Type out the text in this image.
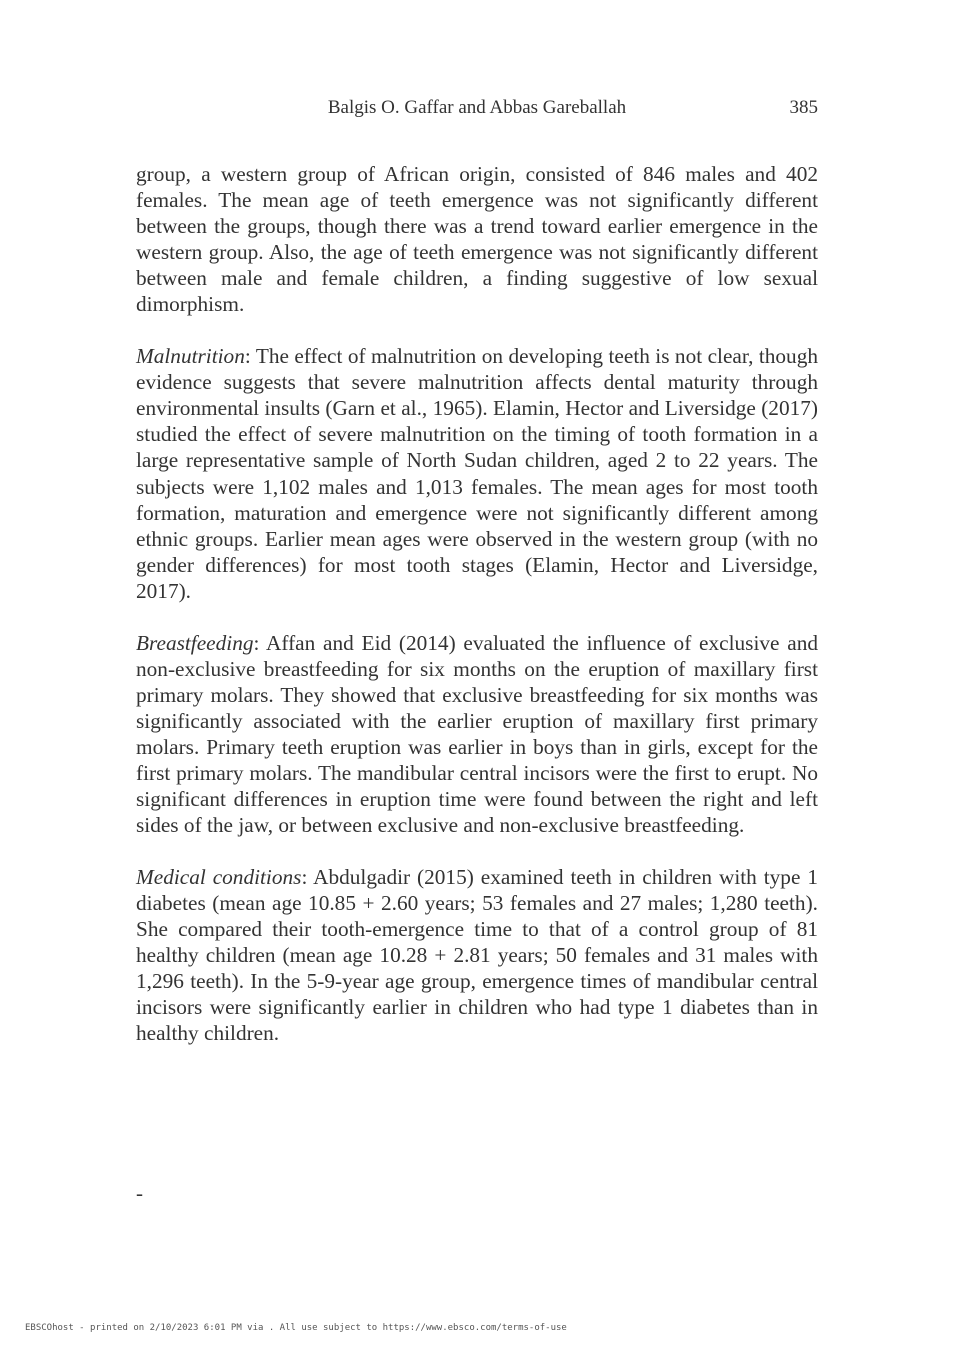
Balgis O. Gaffar and Abbas Gareballah	385

group, a western group of African origin, consisted of 846 males and 402 females. The mean age of teeth emergence was not significantly different between the groups, though there was a trend toward earlier emergence in the western group. Also, the age of teeth emergence was not significantly different between male and female children, a finding suggestive of low sexual dimorphism.

Malnutrition: The effect of malnutrition on developing teeth is not clear, though evidence suggests that severe malnutrition affects dental maturity through environmental insults (Garn et al., 1965). Elamin, Hector and Liversidge (2017) studied the effect of severe malnutrition on the timing of tooth formation in a large representative sample of North Sudan children, aged 2 to 22 years. The subjects were 1,102 males and 1,013 females. The mean ages for most tooth formation, maturation and emergence were not significantly different among ethnic groups. Earlier mean ages were observed in the western group (with no gender differences) for most tooth stages (Elamin, Hector and Liversidge, 2017).

Breastfeeding: Affan and Eid (2014) evaluated the influence of exclusive and non-exclusive breastfeeding for six months on the eruption of maxillary first primary molars. They showed that exclusive breastfeeding for six months was significantly associated with the earlier eruption of maxillary first primary molars. Primary teeth eruption was earlier in boys than in girls, except for the first primary molars. The mandibular central incisors were the first to erupt. No significant differences in eruption time were found between the right and left sides of the jaw, or between exclusive and non-exclusive breastfeeding.

Medical conditions: Abdulgadir (2015) examined teeth in children with type 1 diabetes (mean age 10.85 + 2.60 years; 53 females and 27 males; 1,280 teeth). She compared their tooth-emergence time to that of a control group of 81 healthy children (mean age 10.28 + 2.81 years; 50 females and 31 males with 1,296 teeth). In the 5-9-year age group, emergence times of mandibular central incisors were significantly earlier in children who had type 1 diabetes than in healthy children.

-
EBSCOhost - printed on 2/10/2023 6:01 PM via . All use subject to https://www.ebsco.com/terms-of-use
